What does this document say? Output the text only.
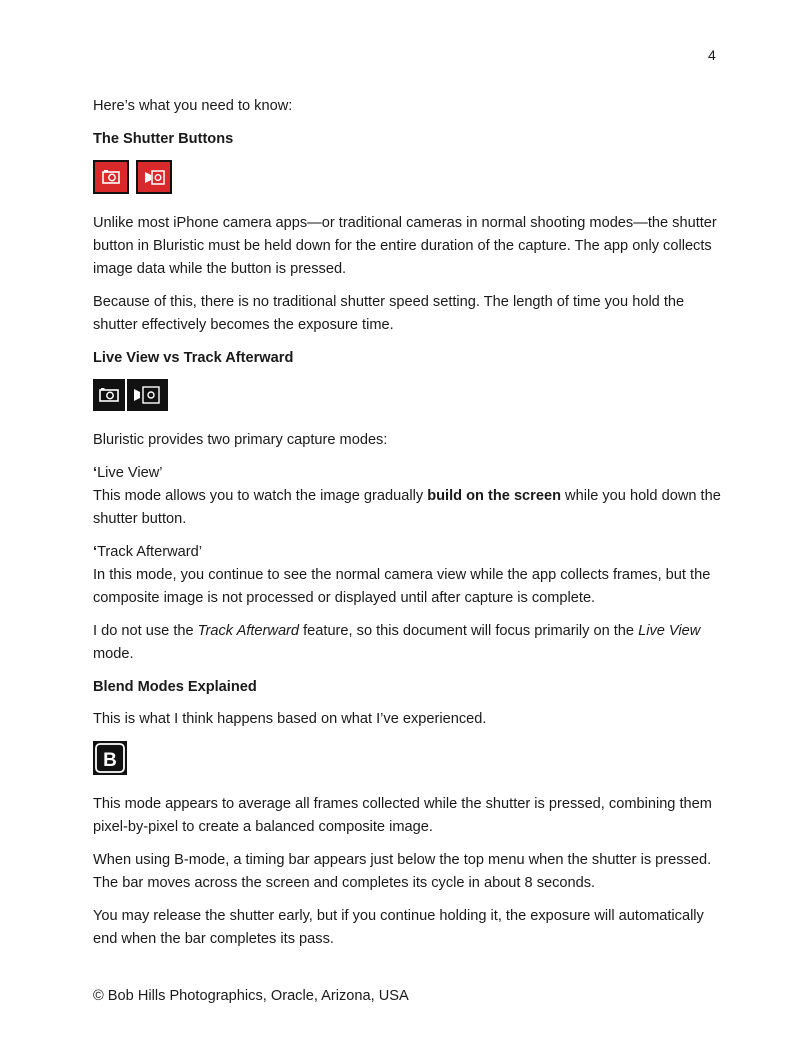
4

Here’s what you need to know:

The Shutter Buttons

Unlike most iPhone camera apps—or traditional cameras in normal shooting modes—the shutter button in Bluristic must be held down for the entire duration of the capture. The app only collects image data while the button is pressed.

Because of this, there is no traditional shutter speed setting. The length of time you hold the shutter effectively becomes the exposure time.

Live View vs Track Afterward

Bluristic provides two primary capture modes:

‘Live View’

This mode allows you to watch the image gradually build on the screen while you hold down the shutter button.

‘Track Afterward’

In this mode, you continue to see the normal camera view while the app collects frames, but the composite image is not processed or displayed until after capture is complete.

I do not use the Track Afterward feature, so this document will focus primarily on the Live View mode.

Blend Modes Explained

This is what I think happens based on what I’ve experienced.

B

This mode appears to average all frames collected while the shutter is pressed, combining them pixel-by-pixel to create a balanced composite image.

When using B-mode, a timing bar appears just below the top menu when the shutter is pressed. The bar moves across the screen and completes its cycle in about 8 seconds.

You may release the shutter early, but if you continue holding it, the exposure will automatically end when the bar completes its pass.

© Bob Hills Photographics, Oracle, Arizona, USA
